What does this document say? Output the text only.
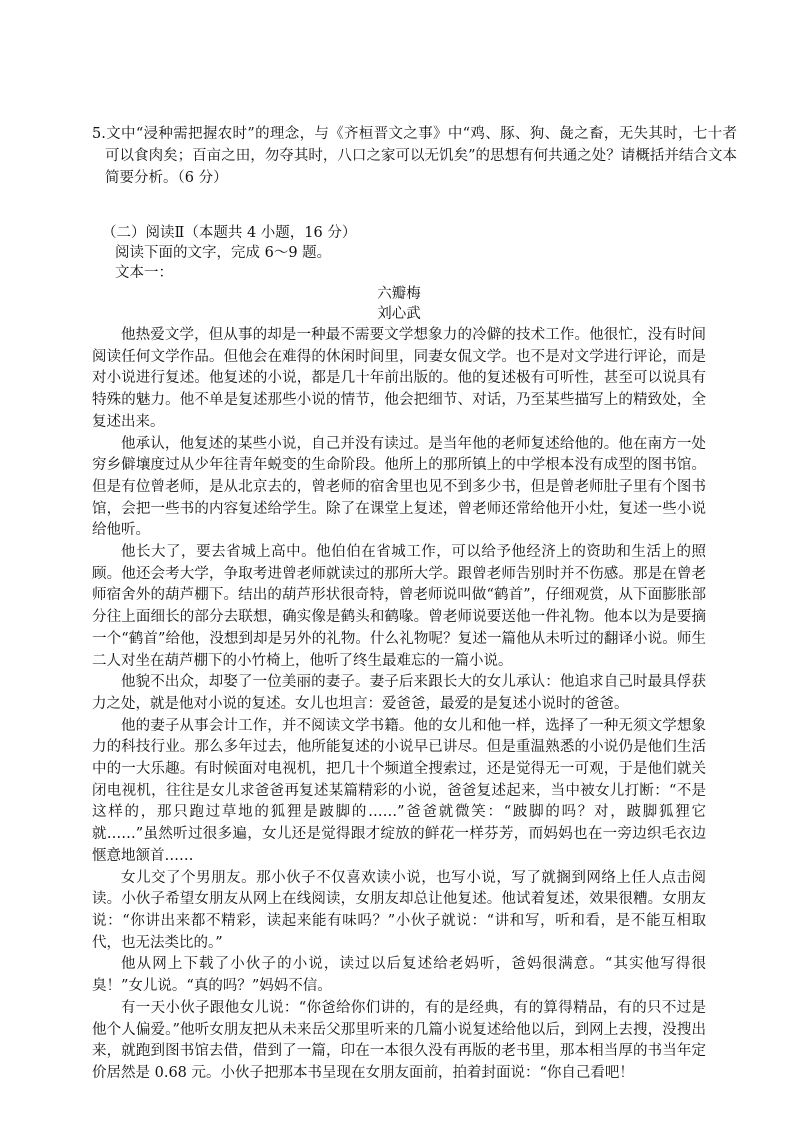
5.文中“浸种需把握农时”的理念，与《齐桓晋文之事》中“鸡、豚、狗、彘之畜，无失其时，七十者可以食肉矣；百亩之田，勿夺其时，八口之家可以无饥矣”的思想有何共通之处？请概括并结合文本简要分析。（6 分）
（二）阅读Ⅱ（本题共 4 小题，16 分）
阅读下面的文字，完成 6～9 题。
文本一：
六瓣梅
刘心武

他热爱文学，但从事的却是一种最不需要文学想象力的冷僻的技术工作。他很忙，没有时间阅读任何文学作品。但他会在难得的休闲时间里，同妻女侃文学。也不是对文学进行评论，而是对小说进行复述。他复述的小说，都是几十年前出版的。他的复述极有可听性，甚至可以说具有特殊的魅力。他不单是复述那些小说的情节，他会把细节、对话，乃至某些描写上的精致处，全复述出来。

他承认，他复述的某些小说，自己并没有读过。是当年他的老师复述给他的。他在南方一处穷乡僻壤度过从少年往青年蜕变的生命阶段。他所上的那所镇上的中学根本没有成型的图书馆。但是有位曾老师，是从北京去的，曾老师的宿舍里也见不到多少书，但是曾老师肚子里有个图书馆，会把一些书的内容复述给学生。除了在课堂上复述，曾老师还常给他开小灶，复述一些小说给他听。

他长大了，要去省城上高中。他伯伯在省城工作，可以给予他经济上的资助和生活上的照顾。他还会考大学，争取考进曾老师就读过的那所大学。跟曾老师告别时并不伤感。那是在曾老师宿舍外的葫芦棚下。结出的葫芦形状很奇特，曾老师说叫做“鹤首”，仔细观赏，从下面膨胀部分往上面细长的部分去联想，确实像是鹤头和鹤喙。曾老师说要送他一件礼物。他本以为是要摘一个“鹤首”给他，没想到却是另外的礼物。什么礼物呢？复述一篇他从未听过的翻译小说。师生二人对坐在葫芦棚下的小竹椅上，他听了终生最难忘的一篇小说。

他貌不出众，却娶了一位美丽的妻子。妻子后来跟长大的女儿承认：他追求自己时最具俘获力之处，就是他对小说的复述。女儿也坦言：爱爸爸，最爱的是复述小说时的爸爸。

他的妻子从事会计工作，并不阅读文学书籍。他的女儿和他一样，选择了一种无须文学想象力的科技行业。那么多年过去，他所能复述的小说早已讲尽。但是重温熟悉的小说仍是他们生活中的一大乐趣。有时候面对电视机，把几十个频道全搜索过，还是觉得无一可观，于是他们就关闭电视机，往往是女儿求爸爸再复述某篇精彩的小说，爸爸复述起来，当中被女儿打断：“不是这样的，那只跑过草地的狐狸是跛脚的……”爸爸就微笑：“跛脚的吗？对，跛脚狐狸它就……”虽然听过很多遍，女儿还是觉得跟才绽放的鲜花一样芬芳，而妈妈也在一旁边织毛衣边惬意地颔首……

女儿交了个男朋友。那小伙子不仅喜欢读小说，也写小说，写了就搁到网络上任人点击阅读。小伙子希望女朋友从网上在线阅读，女朋友却总让他复述。他试着复述，效果很糟。女朋友说：“你讲出来都不精彩，读起来能有味吗？”小伙子就说：“讲和写，听和看，是不能互相取代，也无法类比的。”

他从网上下载了小伙子的小说，读过以后复述给老妈听，爸妈很满意。“其实他写得很臭！”女儿说。“真的吗？”妈妈不信。

有一天小伙子跟他女儿说：“你爸给你们讲的，有的是经典，有的算得精品，有的只不过是他个人偏爱。”他听女朋友把从未来岳父那里听来的几篇小说复述给他以后，到网上去搜，没搜出来，就跑到图书馆去借，借到了一篇，印在一本很久没有再版的老书里，那本相当厚的书当年定价居然是 0.68 元。小伙子把那本书呈现在女朋友面前，拍着封面说：“你自己看吧！
